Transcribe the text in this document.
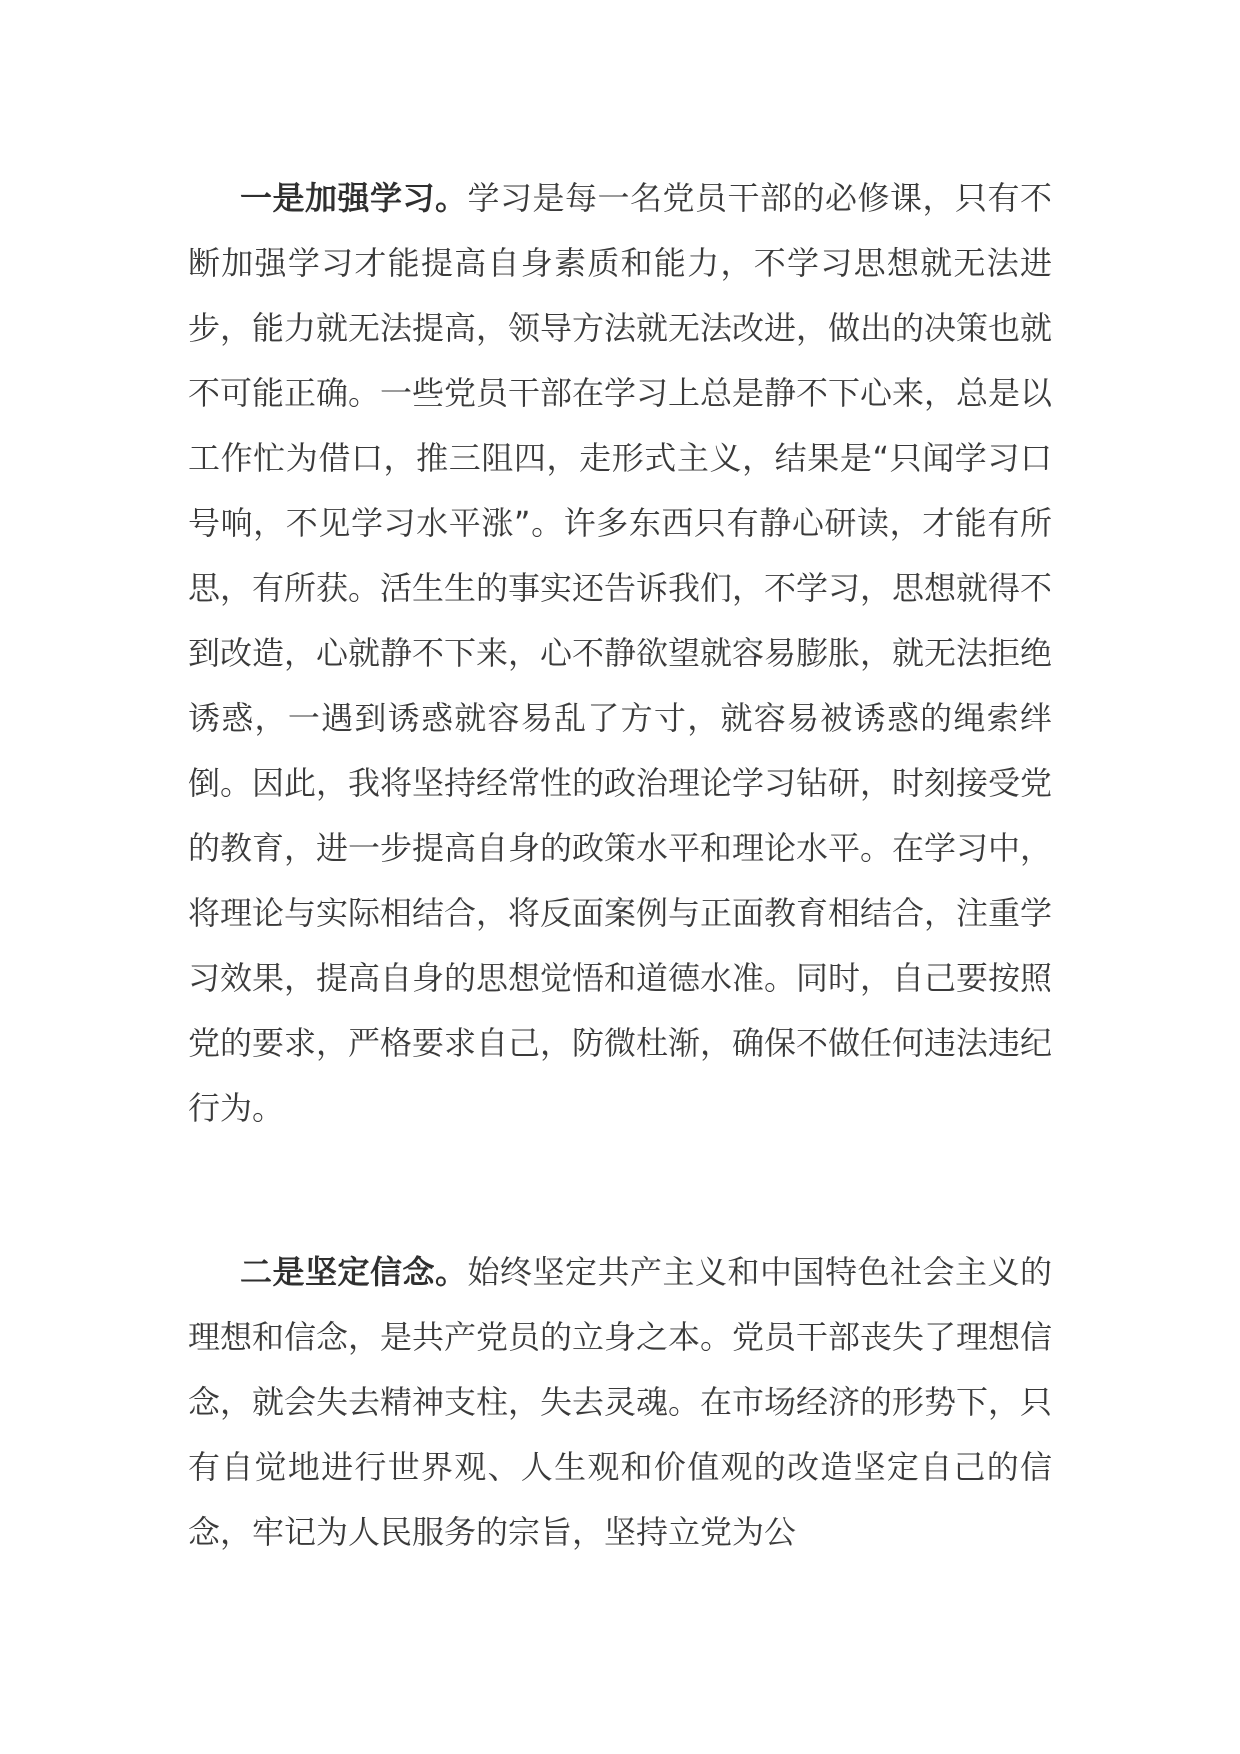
一是加强学习。学习是每一名党员干部的必修课，只有不断加强学习才能提高自身素质和能力，不学习思想就无法进步，能力就无法提高，领导方法就无法改进，做出的决策也就不可能正确。一些党员干部在学习上总是静不下心来，总是以工作忙为借口，推三阻四，走形式主义，结果是“只闻学习口号响，不见学习水平涨”。许多东西只有静心研读，才能有所思，有所获。活生生的事实还告诉我们，不学习，思想就得不到改造，心就静不下来，心不静欲望就容易膨胀，就无法拒绝诱惑，一遇到诱惑就容易乱了方寸，就容易被诱惑的绳索绊倒。因此，我将坚持经常性的政治理论学习钻研，时刻接受党的教育，进一步提高自身的政策水平和理论水平。在学习中，将理论与实际相结合，将反面案例与正面教育相结合，注重学习效果，提高自身的思想觉悟和道德水准。同时，自己要按照党的要求，严格要求自己，防微杜渐，确保不做任何违法违纪行为。

二是坚定信念。始终坚定共产主义和中国特色社会主义的理想和信念，是共产党员的立身之本。党员干部丧失了理想信念，就会失去精神支柱，失去灵魂。在市场经济的形势下，只有自觉地进行世界观、人生观和价值观的改造坚定自己的信念，牢记为人民服务的宗旨，坚持立党为公
